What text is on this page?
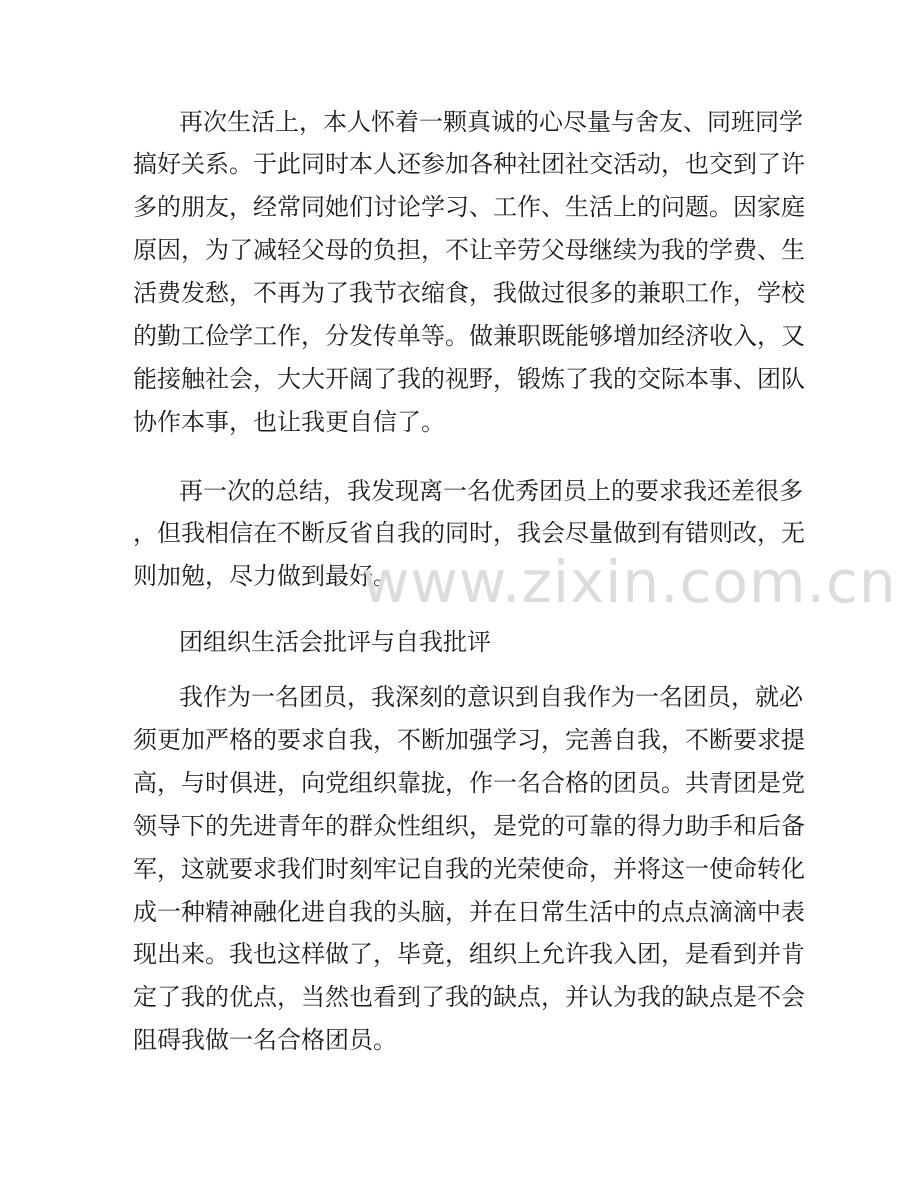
再次生活上，本人怀着一颗真诚的心尽量与舍友、同班同学
搞好关系。于此同时本人还参加各种社团社交活动，也交到了许
多的朋友，经常同她们讨论学习、工作、生活上的问题。因家庭
原因，为了减轻父母的负担，不让辛劳父母继续为我的学费、生
活费发愁，不再为了我节衣缩食，我做过很多的兼职工作，学校
的勤工俭学工作，分发传单等。做兼职既能够增加经济收入，又
能接触社会，大大开阔了我的视野，锻炼了我的交际本事、团队
协作本事，也让我更自信了。
再一次的总结，我发现离一名优秀团员上的要求我还差很多
，但我相信在不断反省自我的同时，我会尽量做到有错则改，无
则加勉，尽力做到最好。
团组织生活会批评与自我批评
我作为一名团员，我深刻的意识到自我作为一名团员，就必
须更加严格的要求自我，不断加强学习，完善自我，不断要求提
高，与时俱进，向党组织靠拢，作一名合格的团员。共青团是党
领导下的先进青年的群众性组织，是党的可靠的得力助手和后备
军，这就要求我们时刻牢记自我的光荣使命，并将这一使命转化
成一种精神融化进自我的头脑，并在日常生活中的点点滴滴中表
现出来。我也这样做了，毕竟，组织上允许我入团，是看到并肯
定了我的优点，当然也看到了我的缺点，并认为我的缺点是不会
阻碍我做一名合格团员。
www.zixin.com.cn
